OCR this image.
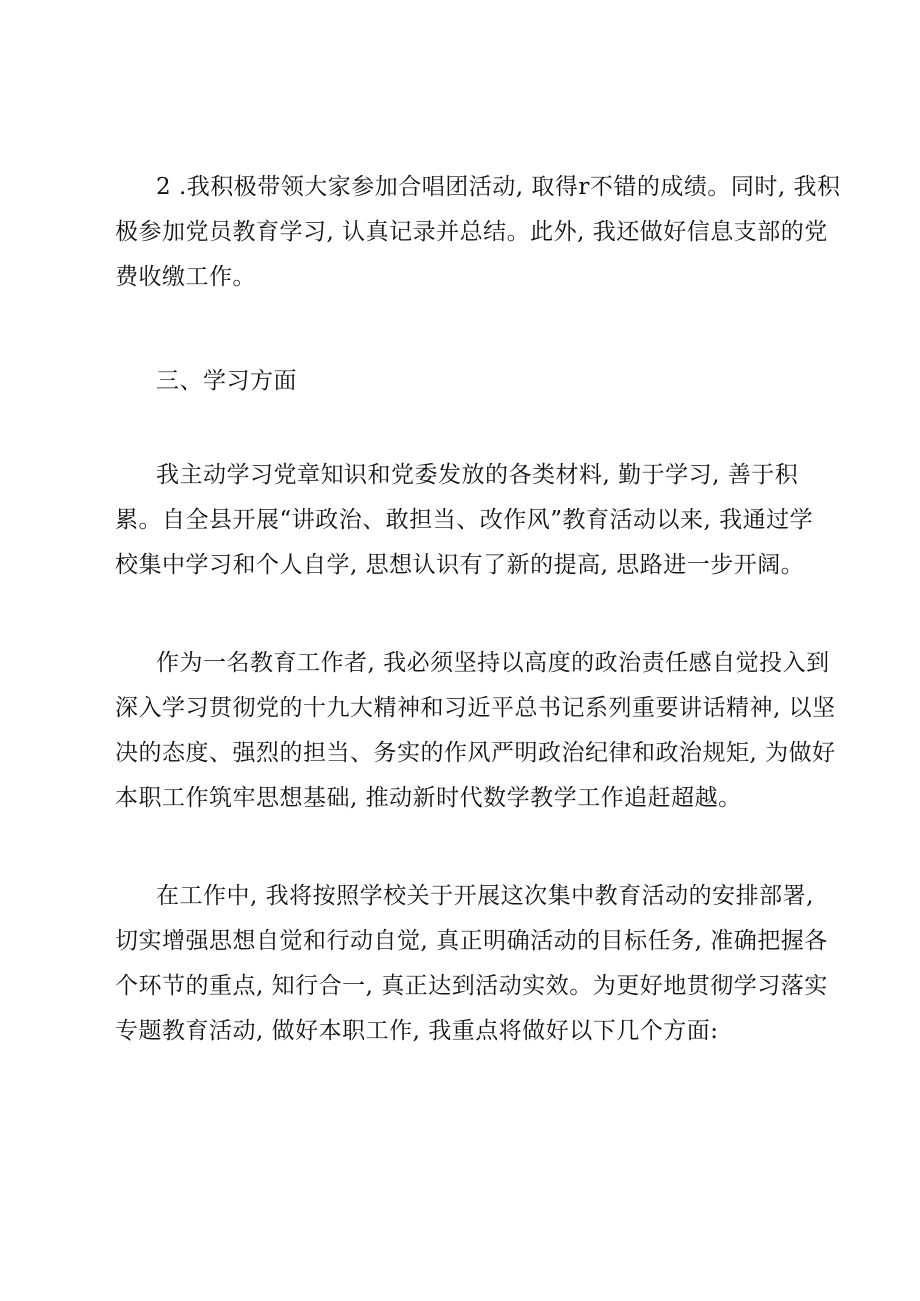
2 .我积极带领大家参加合唱团活动, 取得r不错的成绩。同时, 我积
极参加党员教育学习, 认真记录并总结。此外, 我还做好信息支部的党
费收缴工作。

三、学习方面

我主动学习党章知识和党委发放的各类材料, 勤于学习, 善于积
累。自全县开展“讲政治、敢担当、改作风”教育活动以来, 我通过学
校集中学习和个人自学, 思想认识有了新的提高, 思路进一步开阔。

作为一名教育工作者, 我必须坚持以高度的政治责任感自觉投入到
深入学习贯彻党的十九大精神和习近平总书记系列重要讲话精神, 以坚
决的态度、强烈的担当、务实的作风严明政治纪律和政治规矩, 为做好
本职工作筑牢思想基础, 推动新时代数学教学工作追赶超越。

在工作中, 我将按照学校关于开展这次集中教育活动的安排部署,
切实增强思想自觉和行动自觉, 真正明确活动的目标任务, 准确把握各
个环节的重点, 知行合一, 真正达到活动实效。为更好地贯彻学习落实
专题教育活动, 做好本职工作, 我重点将做好以下几个方面:
